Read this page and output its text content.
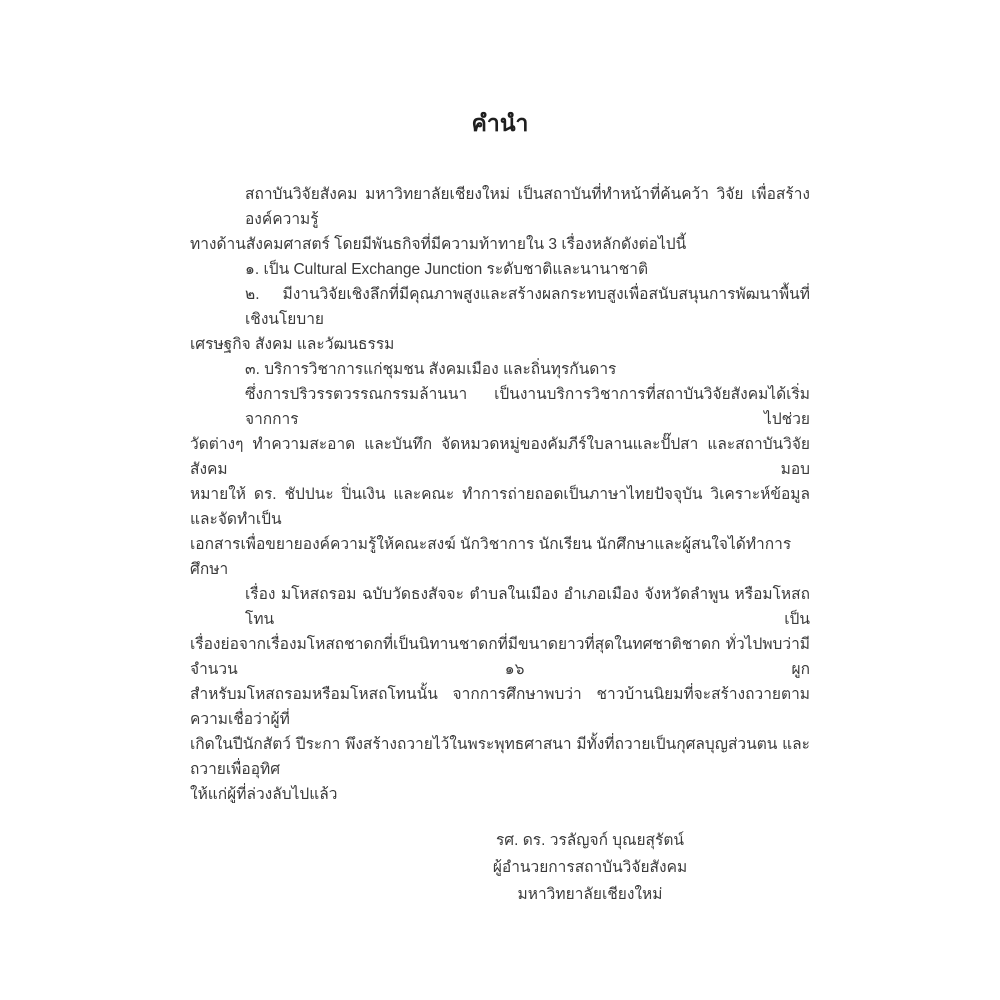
คำนำ
สถาบันวิจัยสังคม มหาวิทยาลัยเชียงใหม่ เป็นสถาบันที่ทำหน้าที่ค้นคว้า วิจัย เพื่อสร้างองค์ความรู้
ทางด้านสังคมศาสตร์ โดยมีพันธกิจที่มีความท้าทายใน 3 เรื่องหลักดังต่อไปนี้
๑. เป็น Cultural Exchange Junction ระดับชาติและนานาชาติ
๒. มีงานวิจัยเชิงลึกที่มีคุณภาพสูงและสร้างผลกระทบสูงเพื่อสนับสนุนการพัฒนาพื้นที่เชิงนโยบาย
เศรษฐกิจ สังคม และวัฒนธรรม
๓. บริการวิชาการแก่ชุมชน สังคมเมือง และถิ่นทุรกันดาร
ซึ่งการปริวรรตวรรณกรรมล้านนา เป็นงานบริการวิชาการที่สถาบันวิจัยสังคมได้เริ่มจากการ ไปช่วย
วัดต่างๆ ทำความสะอาด และบันทึก จัดหมวดหมู่ของคัมภีร์ใบลานและปั๊ปสา และสถาบันวิจัยสังคม มอบ
หมายให้ ดร. ชัปปนะ ปิ่นเงิน และคณะ ทำการถ่ายถอดเป็นภาษาไทยปัจจุบัน วิเคราะห์ข้อมูลและจัดทำเป็น
เอกสารเพื่อขยายองค์ความรู้ให้คณะสงฆ์ นักวิชาการ นักเรียน นักศึกษาและผู้สนใจได้ทำการศึกษา
เรื่อง มโหสถรอม ฉบับวัดธงสัจจะ ตำบลในเมือง อำเภอเมือง จังหวัดลำพูน หรือมโหสถโทน เป็น
เรื่องย่อจากเรื่องมโหสถชาดกที่เป็นนิทานชาดกที่มีขนาดยาวที่สุดในทศชาติชาดก ทั่วไปพบว่ามีจำนวน ๑๖ ผูก
สำหรับมโหสถรอมหรือมโหสถโทนนั้น จากการศึกษาพบว่า ชาวบ้านนิยมที่จะสร้างถวายตามความเชื่อว่าผู้ที่
เกิดในปีนักสัตว์ ปีระกา พึงสร้างถวายไว้ในพระพุทธศาสนา มีทั้งที่ถวายเป็นกุศลบุญส่วนตน และถวายเพื่ออุทิศ
ให้แก่ผู้ที่ล่วงลับไปแล้ว
รศ. ดร. วรลัญจก์ บุณยสุรัตน์
ผู้อำนวยการสถาบันวิจัยสังคม
มหาวิทยาลัยเชียงใหม่
